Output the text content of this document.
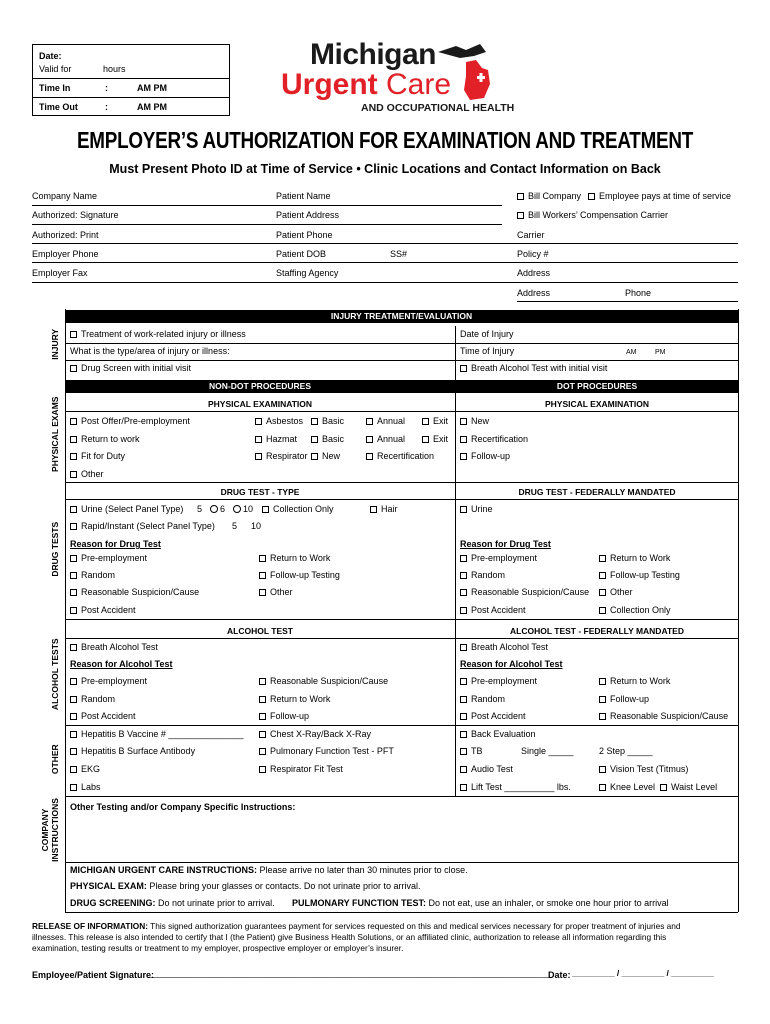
Date:
Valid for	hours
Time In	:	AM PM
Time Out	:	AM PM
Michigan
Urgent Care
AND OCCUPATIONAL HEALTH
EMPLOYER’S AUTHORIZATION FOR EXAMINATION AND TREATMENT
Must Present Photo ID at Time of Service • Clinic Locations and Contact Information on Back
Company Name	Patient Name	Bill Company	Employee pays at time of service
Authorized: Signature	Patient Address	Bill Workers’ Compensation Carrier
Authorized: Print	Patient Phone	Carrier
Employer Phone	Patient DOB	SS#	Policy #
Employer Fax	Staffing Agency	Address
Address	Phone
INJURY TREATMENT/EVALUATION
INJURY	Treatment of work-related injury or illness	Date of Injury
What is the type/area of injury or illness:	Time of Injury	AM	PM
Drug Screen with initial visit	Breath Alcohol Test with initial visit
NON-DOT PROCEDURES	DOT PROCEDURES
PHYSICAL EXAMS	PHYSICAL EXAMINATION	PHYSICAL EXAMINATION
Post Offer/Pre-employment	Asbestos	Basic	Annual	Exit	New
Return to work	Hazmat	Basic	Annual	Exit	Recertification
Fit for Duty	Respirator	New	Recertification	Follow-up
Other
DRUG TESTS
DRUG TEST - TYPE	DRUG TEST - FEDERALLY MANDATED
Urine (Select Panel Type) 5	6	10	Collection Only	Hair	Urine
Rapid/Instant (Select Panel Type) 5 10
Reason for Drug Test	Reason for Drug Test
Pre-employment	Return to Work	Pre-employment	Return to Work
Random	Follow-up Testing	Random	Follow-up Testing
Reasonable Suspicion/Cause	Other	Reasonable Suspicion/Cause	Other
Post Accident	Post Accident	Collection Only
ALCOHOL TESTS
ALCOHOL TEST	ALCOHOL TEST - FEDERALLY MANDATED
Breath Alcohol Test	Breath Alcohol Test
Reason for Alcohol Test	Reason for Alcohol Test
Pre-employment	Reasonable Suspicion/Cause	Pre-employment	Return to Work
Random	Return to Work	Random	Follow-up
Post Accident	Follow-up	Post Accident	Reasonable Suspicion/Cause
OTHER
Hepatitis B Vaccine # _______________	Chest X-Ray/Back X-Ray	Back Evaluation
Hepatitis B Surface Antibody	Pulmonary Function Test - PFT	TB	Single _____	2 Step _____
EKG	Respirator Fit Test	Audio Test	Vision Test (Titmus)
Labs	Lift Test __________ lbs.	Knee Level	Waist Level
COMPANY INSTRUCTIONS Other Testing and/or Company Specific Instructions:
MICHIGAN URGENT CARE INSTRUCTIONS: Please arrive no later than 30 minutes prior to close.
PHYSICAL EXAM: Please bring your glasses or contacts. Do not urinate prior to arrival.
DRUG SCREENING: Do not urinate prior to arrival. PULMONARY FUNCTION TEST: Do not eat, use an inhaler, or smoke one hour prior to arrival
RELEASE OF INFORMATION: This signed authorization guarantees payment for services requested on this and medical services necessary for proper treatment of injuries and
illnesses. This release is also intended to certify that I (the Patient) give Business Health Solutions, or an affiliated clinic, authorization to release all information regarding this
examination, testing results or treatment to my employer, prospective employer or employer’s insurer.
Employee/Patient Signature:
_____________________________________________________________________________________
Date: _________ / _________ / _________
